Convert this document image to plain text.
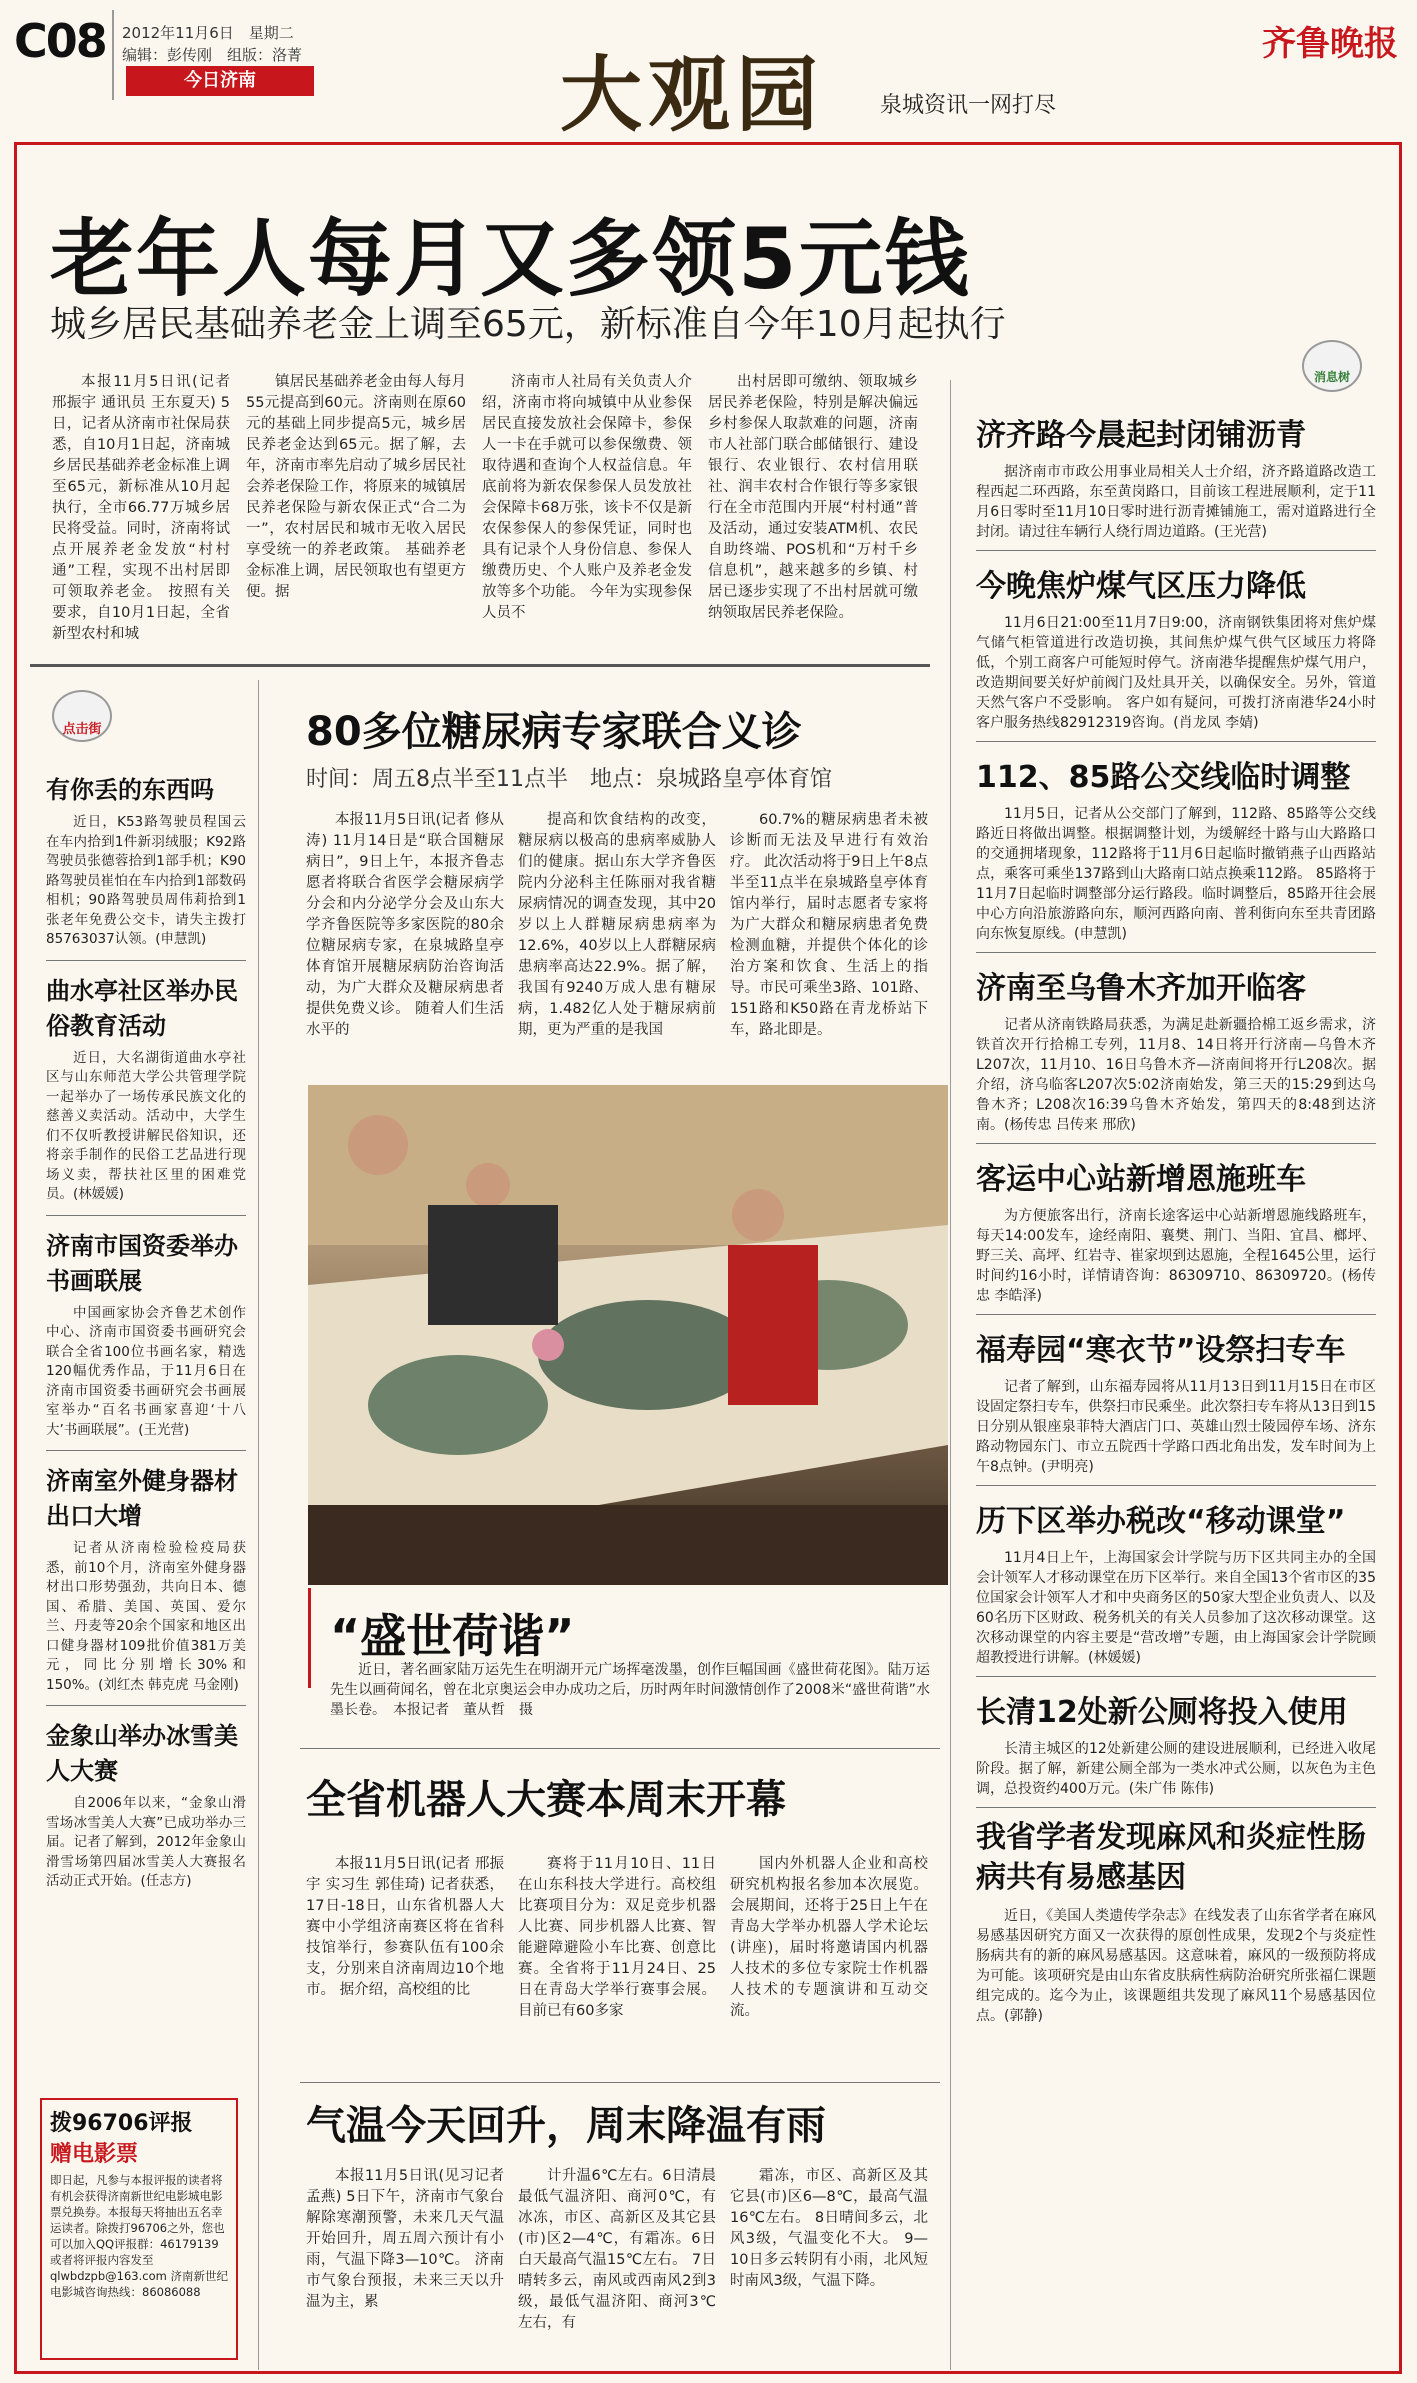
C08 2012年11月6日　星期二
编辑：彭传刚　组版：洛菁
今日济南	大观园	泉城资讯一网打尽
齐鲁晚报
老年人每月又多领5元钱
城乡居民基础养老金上调至65元，新标准自今年10月起执行

本报11月5日讯(记者 邢振宇 通讯员 王东夏天) 5日，记者从济南市社保局获悉，自10月1日起，济南城乡居民基础养老金标准上调至65元，新标准从10月起执行，全市66.77万城乡居民将受益。同时，济南将试点开展养老金发放“村村通”工程，实现不出村居即可领取养老金。 按照有关要求，自10月1日起，全省新型农村和城

镇居民基础养老金由每人每月55元提高到60元。济南则在原60元的基础上同步提高5元，城乡居民养老金达到65元。据了解，去年，济南市率先启动了城乡居民社会养老保险工作，将原来的城镇居民养老保险与新农保正式“合二为一”，农村居民和城市无收入居民享受统一的养老政策。 基础养老金标准上调，居民领取也有望更方便。据

济南市人社局有关负责人介绍，济南市将向城镇中从业参保居民直接发放社会保障卡，参保人一卡在手就可以参保缴费、领取待遇和查询个人权益信息。年底前将为新农保参保人员发放社会保障卡68万张，该卡不仅是新农保参保人的参保凭证，同时也具有记录个人身份信息、参保人缴费历史、个人账户及养老金发放等多个功能。 今年为实现参保人员不

出村居即可缴纳、领取城乡居民养老保险，特别是解决偏远乡村参保人取款难的问题，济南市人社部门联合邮储银行、建设银行、农业银行、农村信用联社、润丰农村合作银行等多家银行在全市范围内开展“村村通”普及活动，通过安装ATM机、农民自助终端、POS机和“万村千乡信息机”，越来越多的乡镇、村居已逐步实现了不出村居就可缴纳领取居民养老保险。

点击街
有你丢的东西吗

近日，K53路驾驶员程国云在车内拾到1件新羽绒服；K92路驾驶员张德蓉拾到1部手机；K90路驾驶员崔怕在车内拾到1部数码相机；90路驾驶员周伟莉拾到1张老年免费公交卡，请失主拨打85763037认领。(申慧凯)

曲水亭社区举办民俗教育活动

近日，大名湖街道曲水亭社区与山东师范大学公共管理学院一起举办了一场传承民族文化的慈善义卖活动。活动中，大学生们不仅听教授讲解民俗知识，还将亲手制作的民俗工艺品进行现场义卖，帮扶社区里的困难党员。(林媛媛)

济南市国资委举办书画联展

中国画家协会齐鲁艺术创作中心、济南市国资委书画研究会联合全省100位书画名家，精选120幅优秀作品，于11月6日在济南市国资委书画研究会书画展室举办“百名书画家喜迎‘十八大’书画联展”。(王光营)

济南室外健身器材出口大增

记者从济南检验检疫局获悉，前10个月，济南室外健身器材出口形势强劲，共向日本、德国、希腊、美国、英国、爱尔兰、丹麦等20余个国家和地区出口健身器材109批价值381万美元，同比分别增长30%和150%。(刘红杰 韩克虎 马金刚)

金象山举办冰雪美人大赛

自2006年以来，“金象山滑雪场冰雪美人大赛”已成功举办三届。记者了解到，2012年金象山滑雪场第四届冰雪美人大赛报名活动正式开始。(任志方)

拨96706评报
赠电影票
即日起，凡参与本报评报的读者将有机会获得济南新世纪电影城电影票兑换券。本报每天将抽出五名幸运读者。除拨打96706之外，您也可以加入QQ评报群：46179139 或者将评报内容发至qlwbdzpb@163.com 济南新世纪电影城咨询热线：86086088
80多位糖尿病专家联合义诊
时间：周五8点半至11点半　地点：泉城路皇亭体育馆

本报11月5日讯(记者 修从涛) 11月14日是“联合国糖尿病日”，9日上午，本报齐鲁志愿者将联合省医学会糖尿病学分会和内分泌学分会及山东大学齐鲁医院等多家医院的80余位糖尿病专家，在泉城路皇亭体育馆开展糖尿病防治咨询活动，为广大群众及糖尿病患者提供免费义诊。 随着人们生活水平的

提高和饮食结构的改变，糖尿病以极高的患病率威胁人们的健康。据山东大学齐鲁医院内分泌科主任陈丽对我省糖尿病情况的调查发现，其中20岁以上人群糖尿病患病率为12.6%，40岁以上人群糖尿病患病率高达22.9%。据了解，我国有9240万成人患有糖尿病，1.482亿人处于糖尿病前期，更为严重的是我国

60.7%的糖尿病患者未被诊断而无法及早进行有效治疗。 此次活动将于9日上午8点半至11点半在泉城路皇亭体育馆内举行，届时志愿者专家将为广大群众和糖尿病患者免费检测血糖，并提供个体化的诊治方案和饮食、生活上的指导。市民可乘坐3路、101路、151路和K50路在青龙桥站下车，路北即是。

“盛世荷谐”

近日，著名画家陆万运先生在明湖开元广场挥毫泼墨，创作巨幅国画《盛世荷花图》。陆万运先生以画荷闻名，曾在北京奥运会申办成功之后，历时两年时间激情创作了2008米“盛世荷谐”水墨长卷。　本报记者　董从哲　摄

全省机器人大赛本周末开幕

本报11月5日讯(记者 邢振宇 实习生 郭佳琦) 记者获悉，17日-18日，山东省机器人大赛中小学组济南赛区将在省科技馆举行，参赛队伍有100余支，分别来自济南周边10个地市。 据介绍，高校组的比

赛将于11月10日、11日在山东科技大学进行。高校组比赛项目分为：双足竞步机器人比赛、同步机器人比赛、智能避障避险小车比赛、创意比赛。全省将于11月24日、25日在青岛大学举行赛事会展。目前已有60多家

国内外机器人企业和高校研究机构报名参加本次展览。会展期间，还将于25日上午在青岛大学举办机器人学术论坛(讲座)，届时将邀请国内机器人技术的多位专家院士作机器人技术的专题演讲和互动交流。

气温今天回升，周末降温有雨

本报11月5日讯(见习记者 孟燕) 5日下午，济南市气象台解除寒潮预警，未来几天气温开始回升，周五周六预计有小雨，气温下降3—10℃。 济南市气象台预报，未来三天以升温为主，累

计升温6℃左右。6日清晨最低气温济阳、商河0℃，有冰冻，市区、高新区及其它县(市)区2—4℃，有霜冻。6日白天最高气温15℃左右。 7日晴转多云，南风或西南风2到3级，最低气温济阳、商河3℃左右，有

霜冻，市区、高新区及其它县(市)区6—8℃，最高气温16℃左右。 8日晴间多云，北风3级，气温变化不大。 9—10日多云转阴有小雨，北风短时南风3级，气温下降。

消息树
济齐路今晨起封闭铺沥青

据济南市市政公用事业局相关人士介绍，济齐路道路改造工程西起二环西路，东至黄岗路口，目前该工程进展顺利，定于11月6日零时至11月10日零时进行沥青摊铺施工，需对道路进行全封闭。请过往车辆行人绕行周边道路。(王光营)

今晚焦炉煤气区压力降低

11月6日21:00至11月7日9:00，济南钢铁集团将对焦炉煤气储气柜管道进行改造切换，其间焦炉煤气供气区域压力将降低，个别工商客户可能短时停气。济南港华提醒焦炉煤气用户，改造期间要关好炉前阀门及灶具开关，以确保安全。另外，管道天然气客户不受影响。 客户如有疑问，可拨打济南港华24小时客户服务热线82912319咨询。(肖龙凤 李婧)

112、85路公交线临时调整

11月5日，记者从公交部门了解到，112路、85路等公交线路近日将做出调整。根据调整计划，为缓解经十路与山大路路口的交通拥堵现象，112路将于11月6日起临时撤销燕子山西路站点，乘客可乘坐137路到山大路南口站点换乘112路。 85路将于11月7日起临时调整部分运行路段。临时调整后，85路开往会展中心方向沿旅游路向东，顺河西路向南、普利街向东至共青团路向东恢复原线。(申慧凯)

济南至乌鲁木齐加开临客

记者从济南铁路局获悉，为满足赴新疆拾棉工返乡需求，济铁首次开行拾棉工专列，11月8、14日将开行济南—乌鲁木齐L207次，11月10、16日乌鲁木齐—济南间将开行L208次。据介绍，济乌临客L207次5:02济南始发，第三天的15:29到达乌鲁木齐；L208次16:39乌鲁木齐始发，第四天的8:48到达济南。(杨传忠 吕传来 邢欣)

客运中心站新增恩施班车

为方便旅客出行，济南长途客运中心站新增恩施线路班车，每天14:00发车，途经南阳、襄樊、荆门、当阳、宜昌、榔坪、野三关、高坪、红岩寺、崔家坝到达恩施，全程1645公里，运行时间约16小时，详情请咨询：86309710、86309720。(杨传忠 李皓泽)

福寿园“寒衣节”设祭扫专车

记者了解到，山东福寿园将从11月13日到11月15日在市区设固定祭扫专车，供祭扫市民乘坐。此次祭扫专车将从13日到15日分别从银座泉菲特大酒店门口、英雄山烈士陵园停车场、济东路动物园东门、市立五院西十学路口西北角出发，发车时间为上午8点钟。(尹明亮)

历下区举办税改“移动课堂”

11月4日上午，上海国家会计学院与历下区共同主办的全国会计领军人才移动课堂在历下区举行。来自全国13个省市区的35位国家会计领军人才和中央商务区的50家大型企业负责人、以及60名历下区财政、税务机关的有关人员参加了这次移动课堂。这次移动课堂的内容主要是“营改增”专题，由上海国家会计学院顾超教授进行讲解。(林媛媛)

长清12处新公厕将投入使用

长清主城区的12处新建公厕的建设进展顺利，已经进入收尾阶段。据了解，新建公厕全部为一类水冲式公厕，以灰色为主色调，总投资约400万元。(朱广伟 陈伟)

我省学者发现麻风和炎症性肠病共有易感基因

近日，《美国人类遗传学杂志》在线发表了山东省学者在麻风易感基因研究方面又一次获得的原创性成果，发现2个与炎症性肠病共有的新的麻风易感基因。这意味着，麻风的一级预防将成为可能。该项研究是由山东省皮肤病性病防治研究所张福仁课题组完成的。迄今为止，该课题组共发现了麻风11个易感基因位点。(郭静)
